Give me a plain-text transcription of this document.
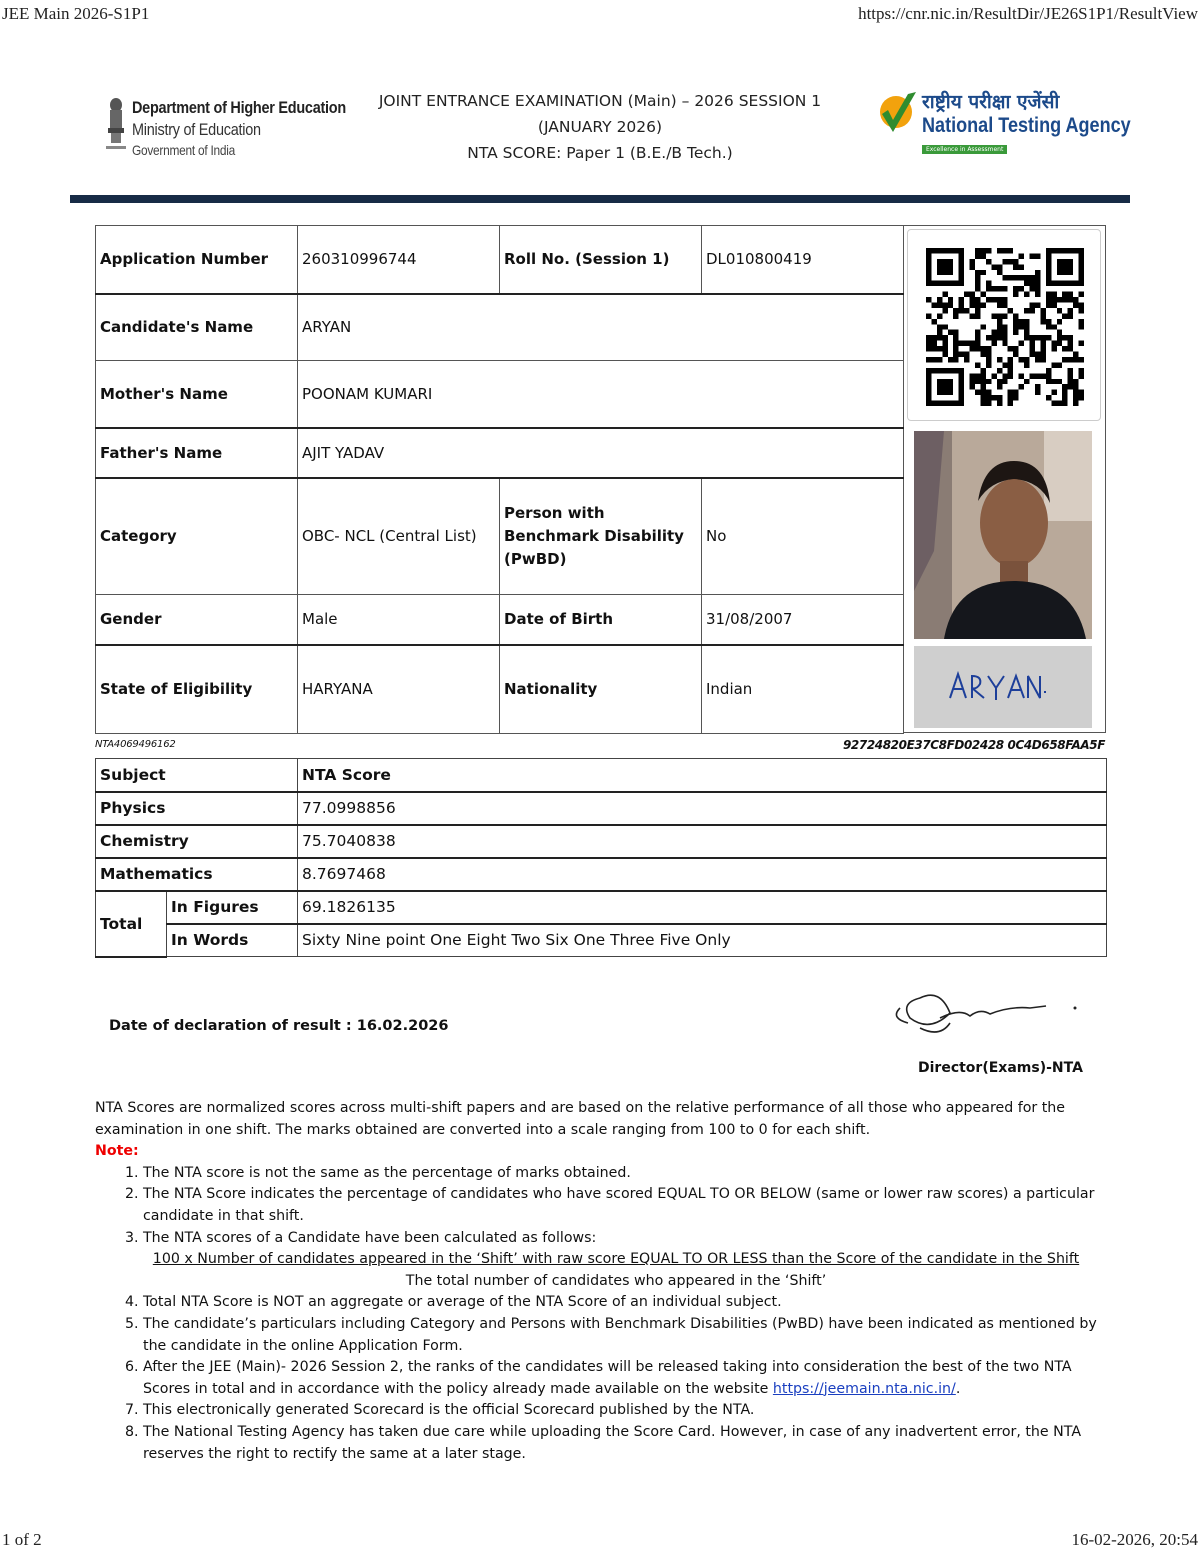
JEE Main 2026-S1P1	https://cnr.nic.in/ResultDir/JE26S1P1/ResultView
Department of Higher Education
Ministry of Education
Government of India
JOINT ENTRANCE EXAMINATION (Main) – 2026 SESSION 1
(JANUARY 2026)
NTA SCORE: Paper 1 (B.E./B Tech.)
राष्ट्रीय परीक्षा एजेंसी
National Testing Agency
Excellence in Assessment
Application Number	260310996744	Roll No. (Session 1)	DL010800419
Candidate's Name	ARYAN		
Mother's Name	POONAM KUMARI		
Father's Name	AJIT YADAV		
Category	OBC- NCL (Central List)	Person with Benchmark Disability (PwBD)	No
Gender	Male	Date of Birth	31/08/2007
State of Eligibility	HARYANA	Nationality	Indian
NTA4069496162	92724820E37C8FD02428 0C4D658FAA5F
Subject		NTA Score
Physics		77.0998856
Chemistry		75.7040838
Mathematics		8.7697468
Total	In Figures	69.1826135
	In Words	Sixty Nine point One Eight Two Six One Three Five Only
Date of declaration of result : 16.02.2026
Director(Exams)-NTA
NTA Scores are normalized scores across multi-shift papers and are based on the relative performance of all those who appeared for the examination in one shift. The marks obtained are converted into a scale ranging from 100 to 0 for each shift.
Note:
1. The NTA score is not the same as the percentage of marks obtained.
2. The NTA Score indicates the percentage of candidates who have scored EQUAL TO OR BELOW (same or lower raw scores) a particular candidate in that shift.
3. The NTA scores of a Candidate have been calculated as follows:
100 x Number of candidates appeared in the ‘Shift’ with raw score EQUAL TO OR LESS than the Score of the candidate in the Shift
The total number of candidates who appeared in the ‘Shift’
4. Total NTA Score is NOT an aggregate or average of the NTA Score of an individual subject.
5. The candidate’s particulars including Category and Persons with Benchmark Disabilities (PwBD) have been indicated as mentioned by the candidate in the online Application Form.
6. After the JEE (Main)- 2026 Session 2, the ranks of the candidates will be released taking into consideration the best of the two NTA Scores in total and in accordance with the policy already made available on the website https://jeemain.nta.nic.in/.
7. This electronically generated Scorecard is the official Scorecard published by the NTA.
8. The National Testing Agency has taken due care while uploading the Score Card. However, in case of any inadvertent error, the NTA reserves the right to rectify the same at a later stage.
1 of 2	16-02-2026, 20:54
